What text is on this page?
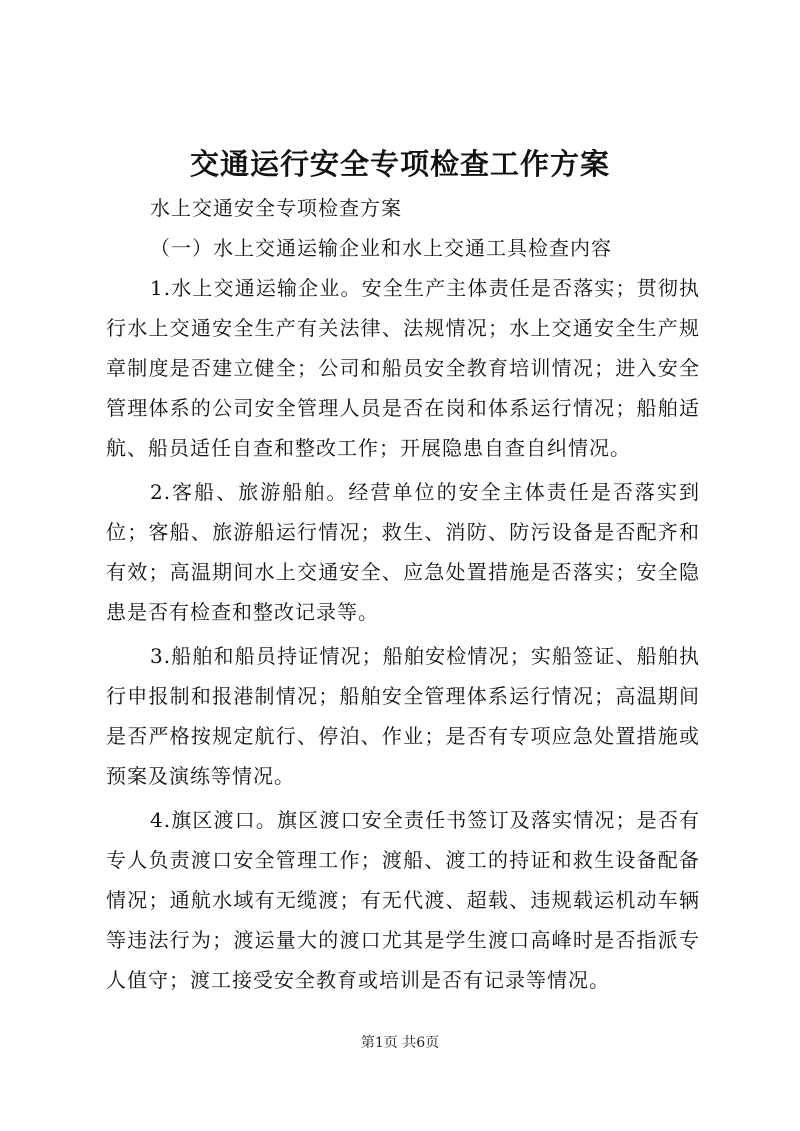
交通运行安全专项检查工作方案

水上交通安全专项检查方案

（一）水上交通运输企业和水上交通工具检查内容

1.水上交通运输企业。安全生产主体责任是否落实；贯彻执行水上交通安全生产有关法律、法规情况；水上交通安全生产规章制度是否建立健全；公司和船员安全教育培训情况；进入安全管理体系的公司安全管理人员是否在岗和体系运行情况；船舶适航、船员适任自查和整改工作；开展隐患自查自纠情况。

2.客船、旅游船舶。经营单位的安全主体责任是否落实到位；客船、旅游船运行情况；救生、消防、防污设备是否配齐和有效；高温期间水上交通安全、应急处置措施是否落实；安全隐患是否有检查和整改记录等。

3.船舶和船员持证情况；船舶安检情况；实船签证、船舶执行申报制和报港制情况；船舶安全管理体系运行情况；高温期间是否严格按规定航行、停泊、作业；是否有专项应急处置措施或预案及演练等情况。

4.旗区渡口。旗区渡口安全责任书签订及落实情况；是否有专人负责渡口安全管理工作；渡船、渡工的持证和救生设备配备情况；通航水域有无缆渡；有无代渡、超载、违规载运机动车辆等违法行为；渡运量大的渡口尤其是学生渡口高峰时是否指派专人值守；渡工接受安全教育或培训是否有记录等情况。

第1页 共6页
